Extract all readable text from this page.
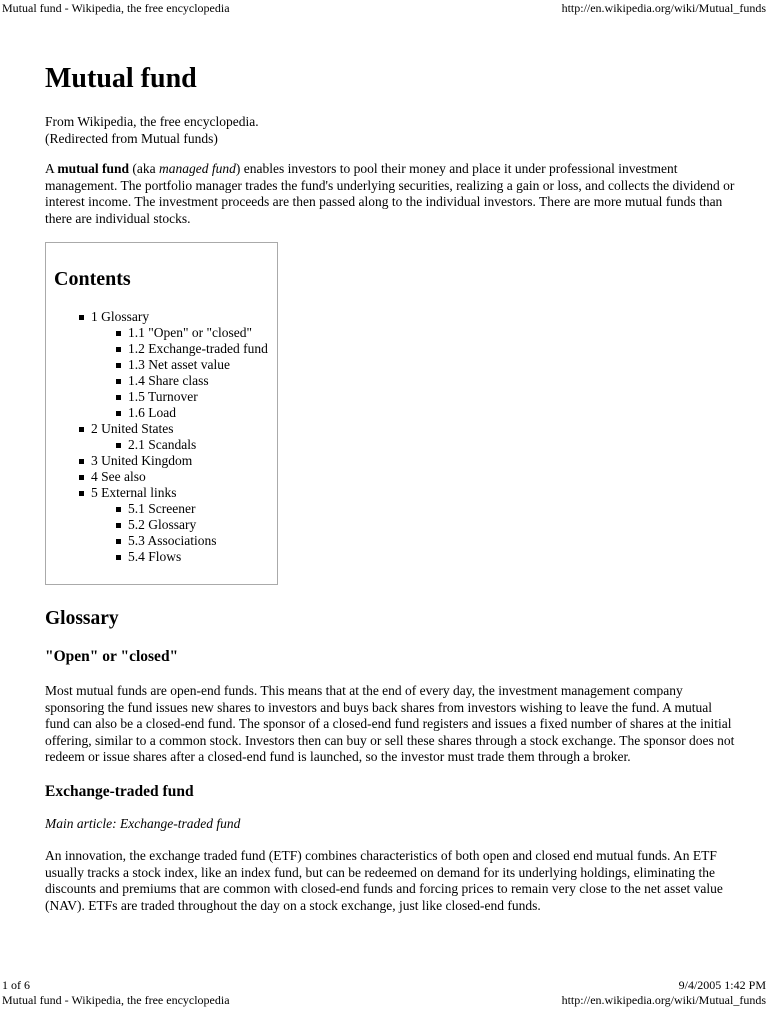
Mutual fund - Wikipedia, the free encyclopedia	http://en.wikipedia.org/wiki/Mutual_funds
Mutual fund
From Wikipedia, the free encyclopedia.
(Redirected from Mutual funds)

A mutual fund (aka managed fund) enables investors to pool their money and place it under professional investment management. The portfolio manager trades the fund's underlying securities, realizing a gain or loss, and collects the dividend or interest income. The investment proceeds are then passed along to the individual investors. There are more mutual funds than there are individual stocks.

Contents
1 Glossary
1.1 "Open" or "closed"
1.2 Exchange-traded fund
1.3 Net asset value
1.4 Share class
1.5 Turnover
1.6 Load
2 United States
2.1 Scandals
3 United Kingdom
4 See also
5 External links
5.1 Screener
5.2 Glossary
5.3 Associations
5.4 Flows
Glossary
"Open" or "closed"

Most mutual funds are open-end funds. This means that at the end of every day, the investment management company sponsoring the fund issues new shares to investors and buys back shares from investors wishing to leave the fund. A mutual fund can also be a closed-end fund. The sponsor of a closed-end fund registers and issues a fixed number of shares at the initial offering, similar to a common stock. Investors then can buy or sell these shares through a stock exchange. The sponsor does not redeem or issue shares after a closed-end fund is launched, so the investor must trade them through a broker.

Exchange-traded fund
Main article: Exchange-traded fund

An innovation, the exchange traded fund (ETF) combines characteristics of both open and closed end mutual funds. An ETF usually tracks a stock index, like an index fund, but can be redeemed on demand for its underlying holdings, eliminating the discounts and premiums that are common with closed-end funds and forcing prices to remain very close to the net asset value (NAV). ETFs are traded throughout the day on a stock exchange, just like closed-end funds.

1 of 6	9/4/2005 1:42 PM
Mutual fund - Wikipedia, the free encyclopedia	http://en.wikipedia.org/wiki/Mutual_funds
